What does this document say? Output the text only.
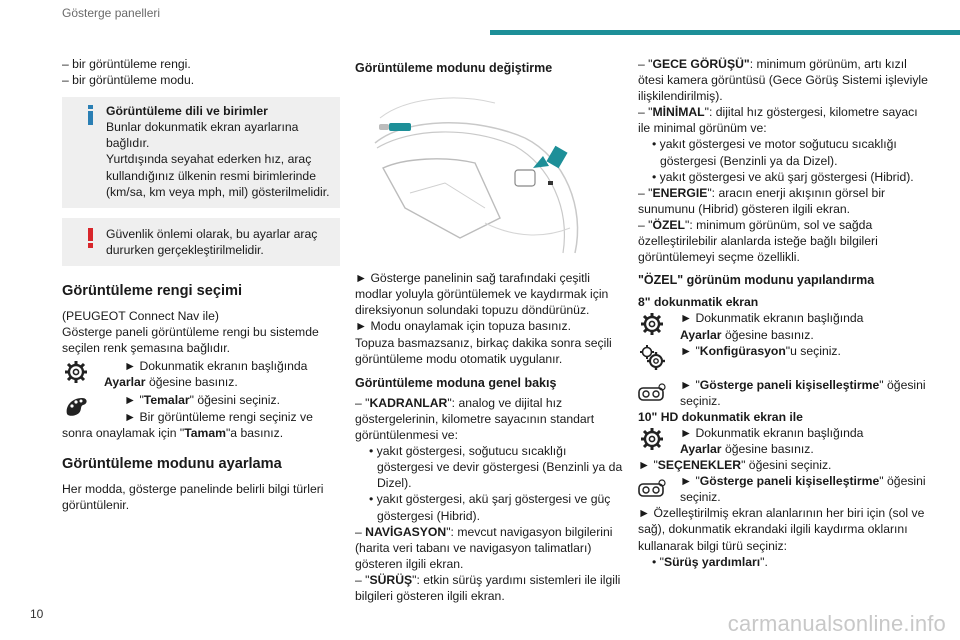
Gösterge panelleri

– bir görüntüleme rengi.

– bir görüntüleme modu.

Görüntüleme dili ve birimler

Bunlar dokunmatik ekran ayarlarına bağlıdır.

Yurtdışında seyahat ederken hız, araç kullandığınız ülkenin resmi birimlerinde (km/sa, km veya mph, mil) gösterilmelidir.

Güvenlik önlemi olarak, bu ayarlar araç dururken gerçekleştirilmelidir.

Görüntüleme rengi seçimi

(PEUGEOT Connect Nav ile)

Gösterge paneli görüntüleme rengi bu sistemde seçilen renk şemasına bağlıdır.

► Dokunmatik ekranın başlığında

Ayarlar öğesine basınız.

► "Temalar" öğesini seçiniz.

► Bir görüntüleme rengi seçiniz ve sonra onaylamak için "Tamam"a basınız.

Görüntüleme modunu ayarlama

Her modda, gösterge panelinde belirli bilgi türleri görüntülenir.

Görüntüleme modunu değiştirme

► Gösterge panelinin sağ tarafındaki çeşitli modlar yoluyla görüntülemek ve kaydırmak için direksiyonun solundaki topuzu döndürünüz.

► Modu onaylamak için topuza basınız.

Topuza basmazsanız, birkaç dakika sonra seçili görüntüleme modu otomatik uygulanır.

Görüntüleme moduna genel bakış

– "KADRANLAR": analog ve dijital hız göstergelerinin, kilometre sayacının standart görüntülenmesi ve:

• yakıt göstergesi, soğutucu sıcaklığı göstergesi ve devir göstergesi (Benzinli ya da Dizel).

• yakıt göstergesi, akü şarj göstergesi ve güç göstergesi (Hibrid).

– NAVİGASYON": mevcut navigasyon bilgilerini (harita veri tabanı ve navigasyon talimatları) gösteren ilgili ekran.

– "SÜRÜŞ": etkin sürüş yardımı sistemleri ile ilgili bilgileri gösteren ilgili ekran.

– "GECE GÖRÜŞÜ": minimum görünüm, artı kızıl ötesi kamera görüntüsü (Gece Görüş Sistemi işleviyle ilişkilendirilmiş).

– "MİNİMAL": dijital hız göstergesi, kilometre sayacı ile minimal görünüm ve:

• yakıt göstergesi ve motor soğutucu sıcaklığı göstergesi (Benzinli ya da Dizel).

• yakıt göstergesi ve akü şarj göstergesi (Hibrid).

– "ENERGIE": aracın enerji akışının görsel bir sunumunu (Hibrid) gösteren ilgili ekran.

– "ÖZEL": minimum görünüm, sol ve sağda özelleştirilebilir alanlarda isteğe bağlı bilgileri görüntülemeyi seçme özellikli.

"ÖZEL" görünüm modunu yapılandırma

8" dokunmatik ekran

► Dokunmatik ekranın başlığında

Ayarlar öğesine basınız.

► "Konfigürasyon"u seçiniz.

► "Gösterge paneli kişiselleştirme" öğesini seçiniz.

10" HD dokunmatik ekran ile

► Dokunmatik ekranın başlığında

Ayarlar öğesine basınız.

► "SEÇENEKLER" öğesini seçiniz.

► "Gösterge paneli kişiselleştirme" öğesini seçiniz.

► Özelleştirilmiş ekran alanlarının her biri için (sol ve sağ), dokunmatik ekrandaki ilgili kaydırma oklarını kullanarak bilgi türü seçiniz:

• "Sürüş yardımları".

10	carmanualsonline.info
